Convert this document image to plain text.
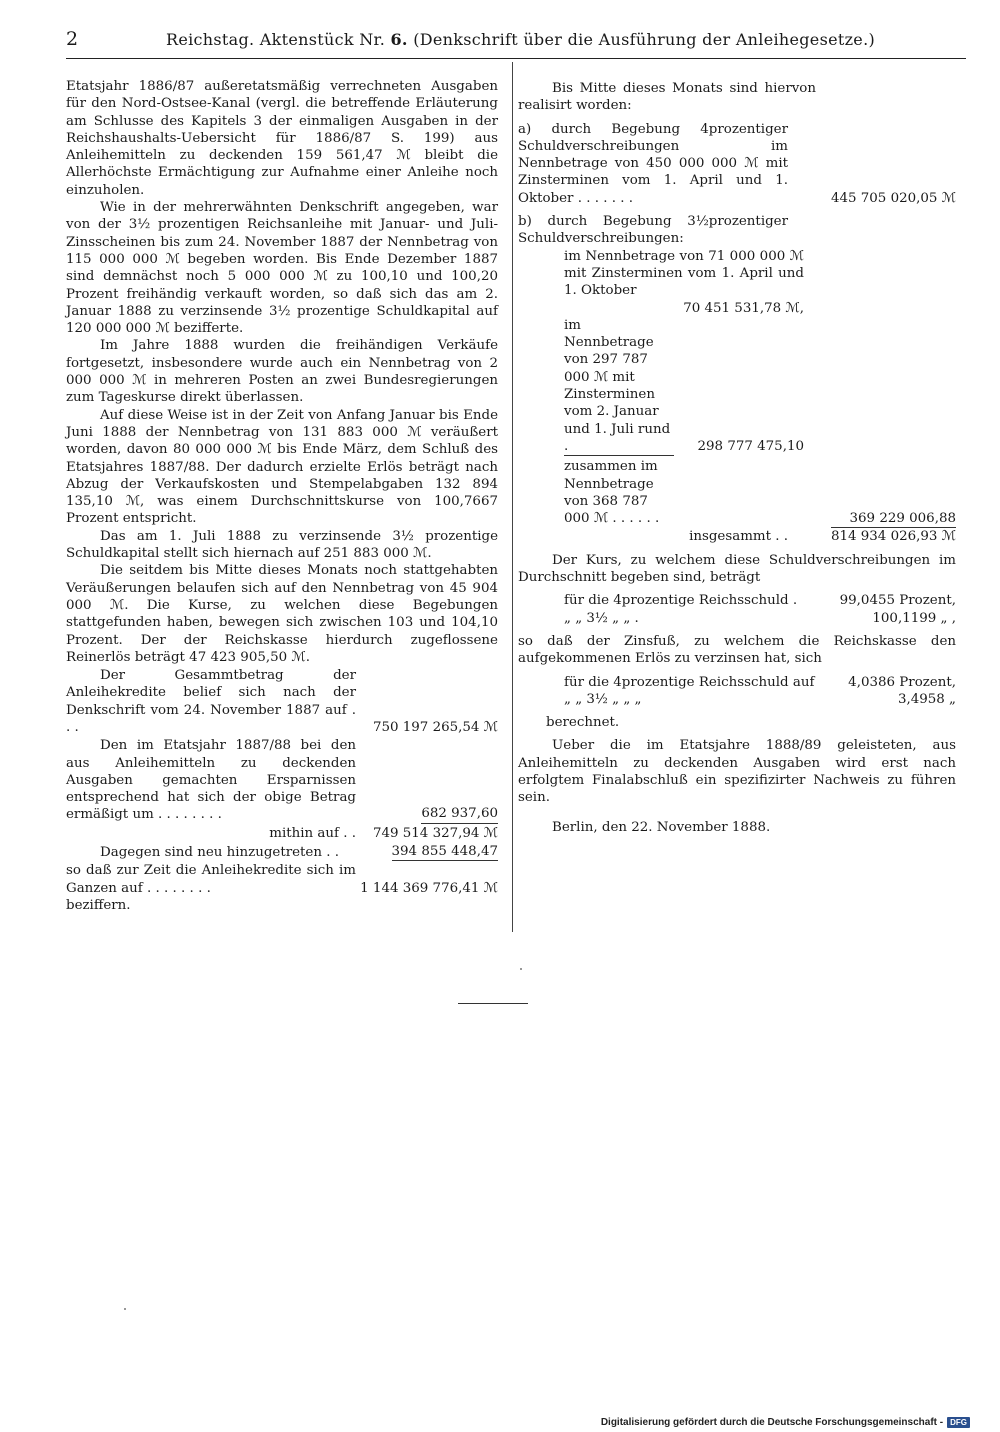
2	Reichstag. Aktenstück Nr. 6. (Denkschrift über die Ausführung der Anleihegesetze.)

Etatsjahr 1886/87 außeretatsmäßig verrechneten Ausgaben für den Nord-Ostsee-Kanal (vergl. die betreffende Erläuterung am Schlusse des Kapitels 3 der einmaligen Ausgaben in der Reichshaushalts-Uebersicht für 1886/87 S. 199) aus Anleihemitteln zu deckenden 159 561,47 ℳ bleibt die Allerhöchste Ermächtigung zur Aufnahme einer Anleihe noch einzuholen.

Wie in der mehrerwähnten Denkschrift angegeben, war von der 3½ prozentigen Reichsanleihe mit Januar- und Juli-Zinsscheinen bis zum 24. November 1887 der Nennbetrag von 115 000 000 ℳ begeben worden. Bis Ende Dezember 1887 sind demnächst noch 5 000 000 ℳ zu 100,10 und 100,20 Prozent freihändig verkauft worden, so daß sich das am 2. Januar 1888 zu verzinsende 3½ prozentige Schuldkapital auf 120 000 000 ℳ bezifferte.

Im Jahre 1888 wurden die freihändigen Verkäufe fortgesetzt, insbesondere wurde auch ein Nennbetrag von 2 000 000 ℳ in mehreren Posten an zwei Bundesregierungen zum Tageskurse direkt überlassen.

Auf diese Weise ist in der Zeit von Anfang Januar bis Ende Juni 1888 der Nennbetrag von 131 883 000 ℳ veräußert worden, davon 80 000 000 ℳ bis Ende März, dem Schluß des Etatsjahres 1887/88. Der dadurch erzielte Erlös beträgt nach Abzug der Verkaufskosten und Stempelabgaben 132 894 135,10 ℳ, was einem Durchschnittskurse von 100,7667 Prozent entspricht.

Das am 1. Juli 1888 zu verzinsende 3½ prozentige Schuldkapital stellt sich hiernach auf 251 883 000 ℳ.

Die seitdem bis Mitte dieses Monats noch stattgehabten Veräußerungen belaufen sich auf den Nennbetrag von 45 904 000 ℳ. Die Kurse, zu welchen diese Begebungen stattgefunden haben, bewegen sich zwischen 103 und 104,10 Prozent. Der der Reichskasse hierdurch zugeflossene Reinerlös beträgt 47 423 905,50 ℳ.

Der Gesammtbetrag der Anleihekredite belief sich nach der Denkschrift vom 24. November 1887 auf . . .	750 197 265,54 ℳ
Den im Etatsjahr 1887/88 bei den aus Anleihemitteln zu deckenden Ausgaben gemachten Ersparnissen entsprechend hat sich der obige Betrag ermäßigt um . . . . . . . .	682 937,60
mithin auf . . 749 514 327,94 ℳ
Dagegen sind neu hinzugetreten . .	394 855 448,47
so daß zur Zeit die Anleihekredite sich im Ganzen auf . . . . . . . .	1 144 369 776,41 ℳ
beziffern.

Bis Mitte dieses Monats sind hiervon realisirt worden:

a) durch Begebung 4prozentiger Schuldverschreibungen im Nennbetrage von 450 000 000 ℳ mit Zinsterminen vom 1. April und 1. Oktober . . . . . . .	445 705 020,05 ℳ
b) durch Begebung 3½prozentiger Schuldverschreibungen:
im Nennbetrage von 71 000 000 ℳ mit Zinsterminen vom 1. April und 1. Oktober
70 451 531,78 ℳ,
im Nennbetrage von 297 787 000 ℳ mit Zinsterminen vom 2. Januar und 1. Juli rund .	298 777 475,10
zusammen im Nennbetrage von 368 787 000 ℳ . . . . . .	369 229 006,88
insgesammt . .	814 934 026,93 ℳ

Der Kurs, zu welchem diese Schuldverschreibungen im Durchschnitt begeben sind, beträgt

für die 4prozentige Reichsschuld .	99,0455 Prozent,
„ „ 3½ „ „ .	100,1199 „ ,
so daß der Zinsfuß, zu welchem die Reichskasse den aufgekommenen Erlös zu verzinsen hat, sich
für die 4prozentige Reichsschuld auf	4,0386 Prozent,
„ „ 3½ „ „ „	3,4958 „
berechnet.

Ueber die im Etatsjahre 1888/89 geleisteten, aus Anleihemitteln zu deckenden Ausgaben wird erst nach erfolgtem Finalabschluß ein spezifizirter Nachweis zu führen sein.

Berlin, den 22. November 1888.

Digitalisierung gefördert durch die Deutsche Forschungsgemeinschaft - DFG
